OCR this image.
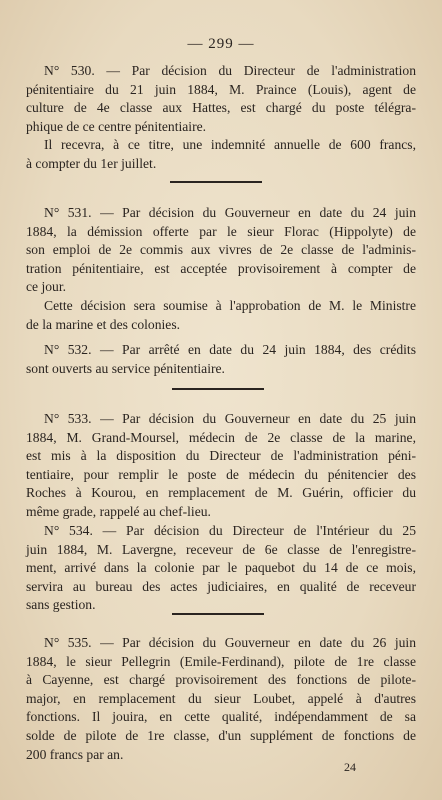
— 299 —
N° 530. — Par décision du Directeur de l'administration
pénitentiaire du 21 juin 1884, M. Praince (Louis), agent de
culture de 4e classe aux Hattes, est chargé du poste télégra-
phique de ce centre pénitentiaire.
Il recevra, à ce titre, une indemnité annuelle de 600 francs,
à compter du 1er juillet.
N° 531. — Par décision du Gouverneur en date du 24 juin
1884, la démission offerte par le sieur Florac (Hippolyte) de
son emploi de 2e commis aux vivres de 2e classe de l'adminis-
tration pénitentiaire, est acceptée provisoirement à compter de
ce jour.
Cette décision sera soumise à l'approbation de M. le Ministre
de la marine et des colonies.
N° 532. — Par arrêté en date du 24 juin 1884, des crédits
sont ouverts au service pénitentiaire.
N° 533. — Par décision du Gouverneur en date du 25 juin
1884, M. Grand-Moursel, médecin de 2e classe de la marine,
est mis à la disposition du Directeur de l'administration péni-
tentiaire, pour remplir le poste de médecin du pénitencier des
Roches à Kourou, en remplacement de M. Guérin, officier du
même grade, rappelé au chef-lieu.
N° 534. — Par décision du Directeur de l'Intérieur du 25
juin 1884, M. Lavergne, receveur de 6e classe de l'enregistre-
ment, arrivé dans la colonie par le paquebot du 14 de ce mois,
servira au bureau des actes judiciaires, en qualité de receveur
sans gestion.
N° 535. — Par décision du Gouverneur en date du 26 juin
1884, le sieur Pellegrin (Emile-Ferdinand), pilote de 1re classe
à Cayenne, est chargé provisoirement des fonctions de pilote-
major, en remplacement du sieur Loubet, appelé à d'autres
fonctions. Il jouira, en cette qualité, indépendamment de sa
solde de pilote de 1re classe, d'un supplément de fonctions de
200 francs par an.
24
